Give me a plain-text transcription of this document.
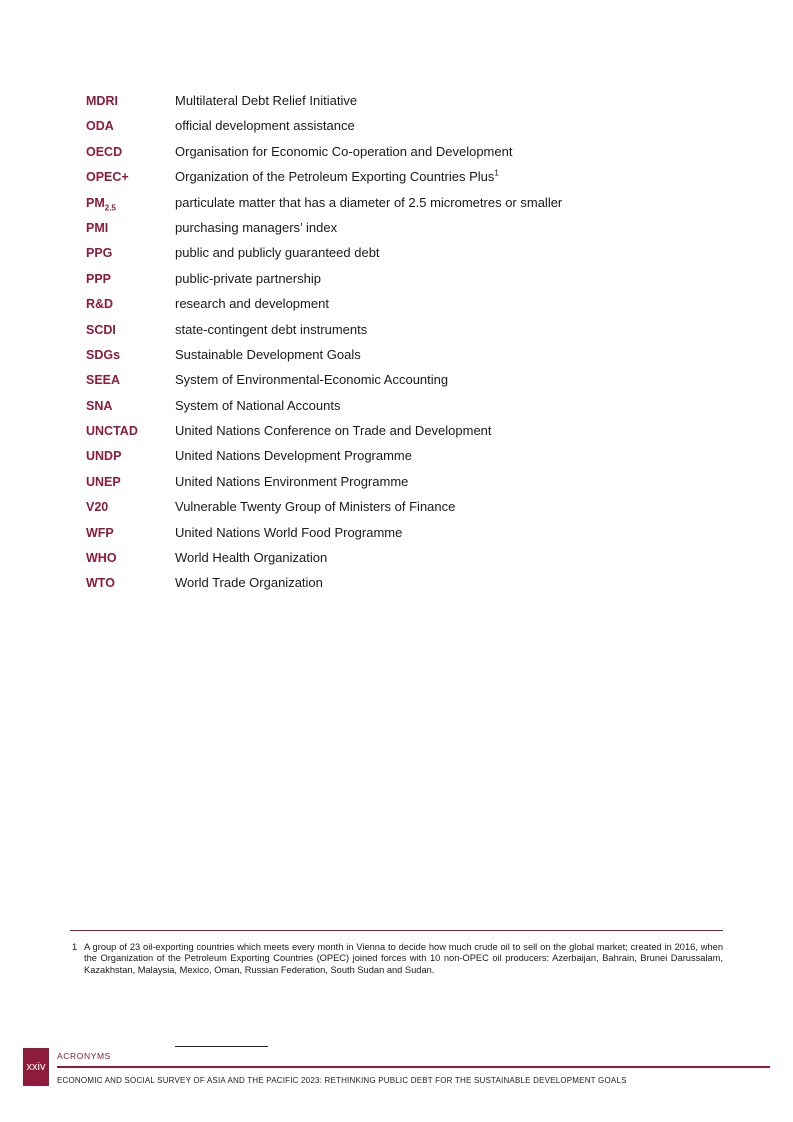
MDRI	Multilateral Debt Relief Initiative
ODA	official development assistance
OECD	Organisation for Economic Co-operation and Development
OPEC+	Organization of the Petroleum Exporting Countries Plus$^1$
$PM_{2.5}$	particulate matter that has a diameter of 2.5 micrometres or smaller
PMI	purchasing managers’ index
PPG	public and publicly guaranteed debt
PPP	public-private partnership
R&D	research and development
SCDI	state-contingent debt instruments
SDGs	Sustainable Development Goals
SEEA	System of Environmental-Economic Accounting
SNA	System of National Accounts
UNCTAD	United Nations Conference on Trade and Development
UNDP	United Nations Development Programme
UNEP	United Nations Environment Programme
V20	Vulnerable Twenty Group of Ministers of Finance
WFP	United Nations World Food Programme
WHO	World Health Organization
WTO	World Trade Organization
1 A group of 23 oil-exporting countries which meets every month in Vienna to decide how much crude oil to sell on the global market; created in 2016, when the Organization of the Petroleum Exporting Countries (OPEC) joined forces with 10 non-OPEC oil producers: Azerbaijan, Bahrain, Brunei Darussalam, Kazakhstan, Malaysia, Mexico, Oman, Russian Federation, South Sudan and Sudan.
xxiv
ACRONYMS
ECONOMIC AND SOCIAL SURVEY OF ASIA AND THE PACIFIC 2023: RETHINKING PUBLIC DEBT FOR THE SUSTAINABLE DEVELOPMENT GOALS
